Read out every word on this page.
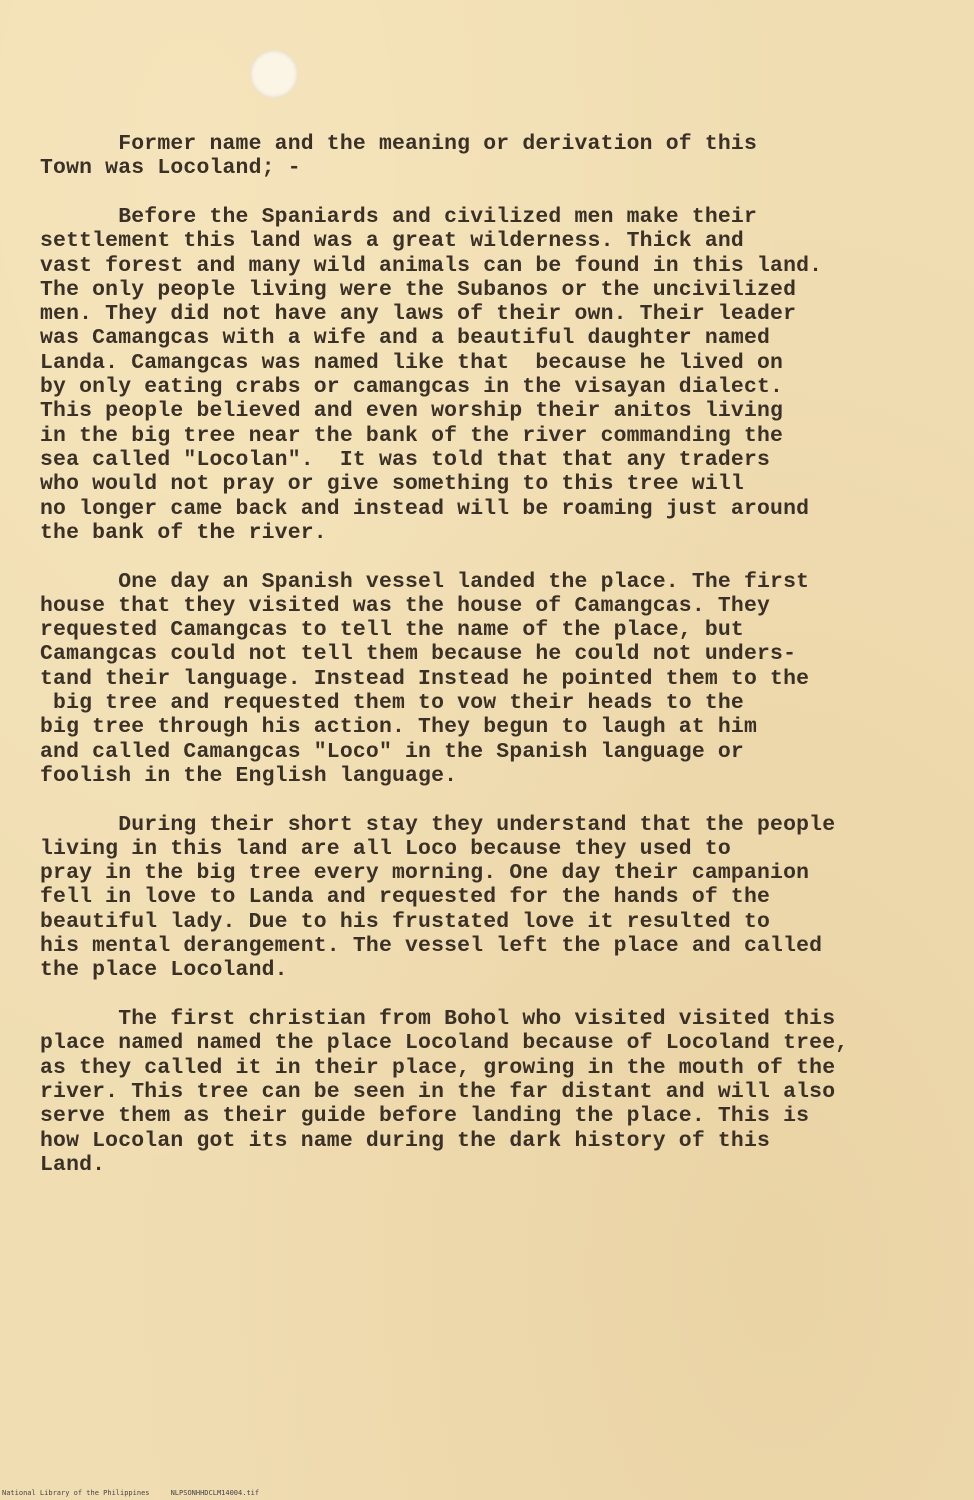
Former name and the meaning or derivation of this
Town was Locoland; -
Before the Spaniards and civilized men make their
settlement this land was a great wilderness. Thick and
vast forest and many wild animals can be found in this land.
The only people living were the Subanos or the uncivilized
men. They did not have any laws of their own. Their leader
was Camangcas with a wife and a beautiful daughter named
Landa. Camangcas was named like that  because he lived on
by only eating crabs or camangcas in the visayan dialect.
This people believed and even worship their anitos living
in the big tree near the bank of the river commanding the
sea called "Locolan".  It was told that that any traders
who would not pray or give something to this tree will
no longer came back and instead will be roaming just around
the bank of the river.
One day an Spanish vessel landed the place. The first
house that they visited was the house of Camangcas. They
requested Camangcas to tell the name of the place, but
Camangcas could not tell them because he could not unders-
tand their language. Instead Instead he pointed them to the
big tree and requested them to vow their heads to the
big tree through his action. They begun to laugh at him
and called Camangcas "Loco" in the Spanish language or
foolish in the English language.
During their short stay they understand that the people
living in this land are all Loco because they used to
pray in the big tree every morning. One day their campanion
fell in love to Landa and requested for the hands of the
beautiful lady. Due to his frustated love it resulted to
his mental derangement. The vessel left the place and called
the place Locoland.
The first christian from Bohol who visited visited this
place named named the place Locoland because of Locoland tree,
as they called it in their place, growing in the mouth of the
river. This tree can be seen in the far distant and will also
serve them as their guide before landing the place. This is
how Locolan got its name during the dark history of this
Land.
National Library of the Philippines	NLPSONHHDCLM14004.tif
